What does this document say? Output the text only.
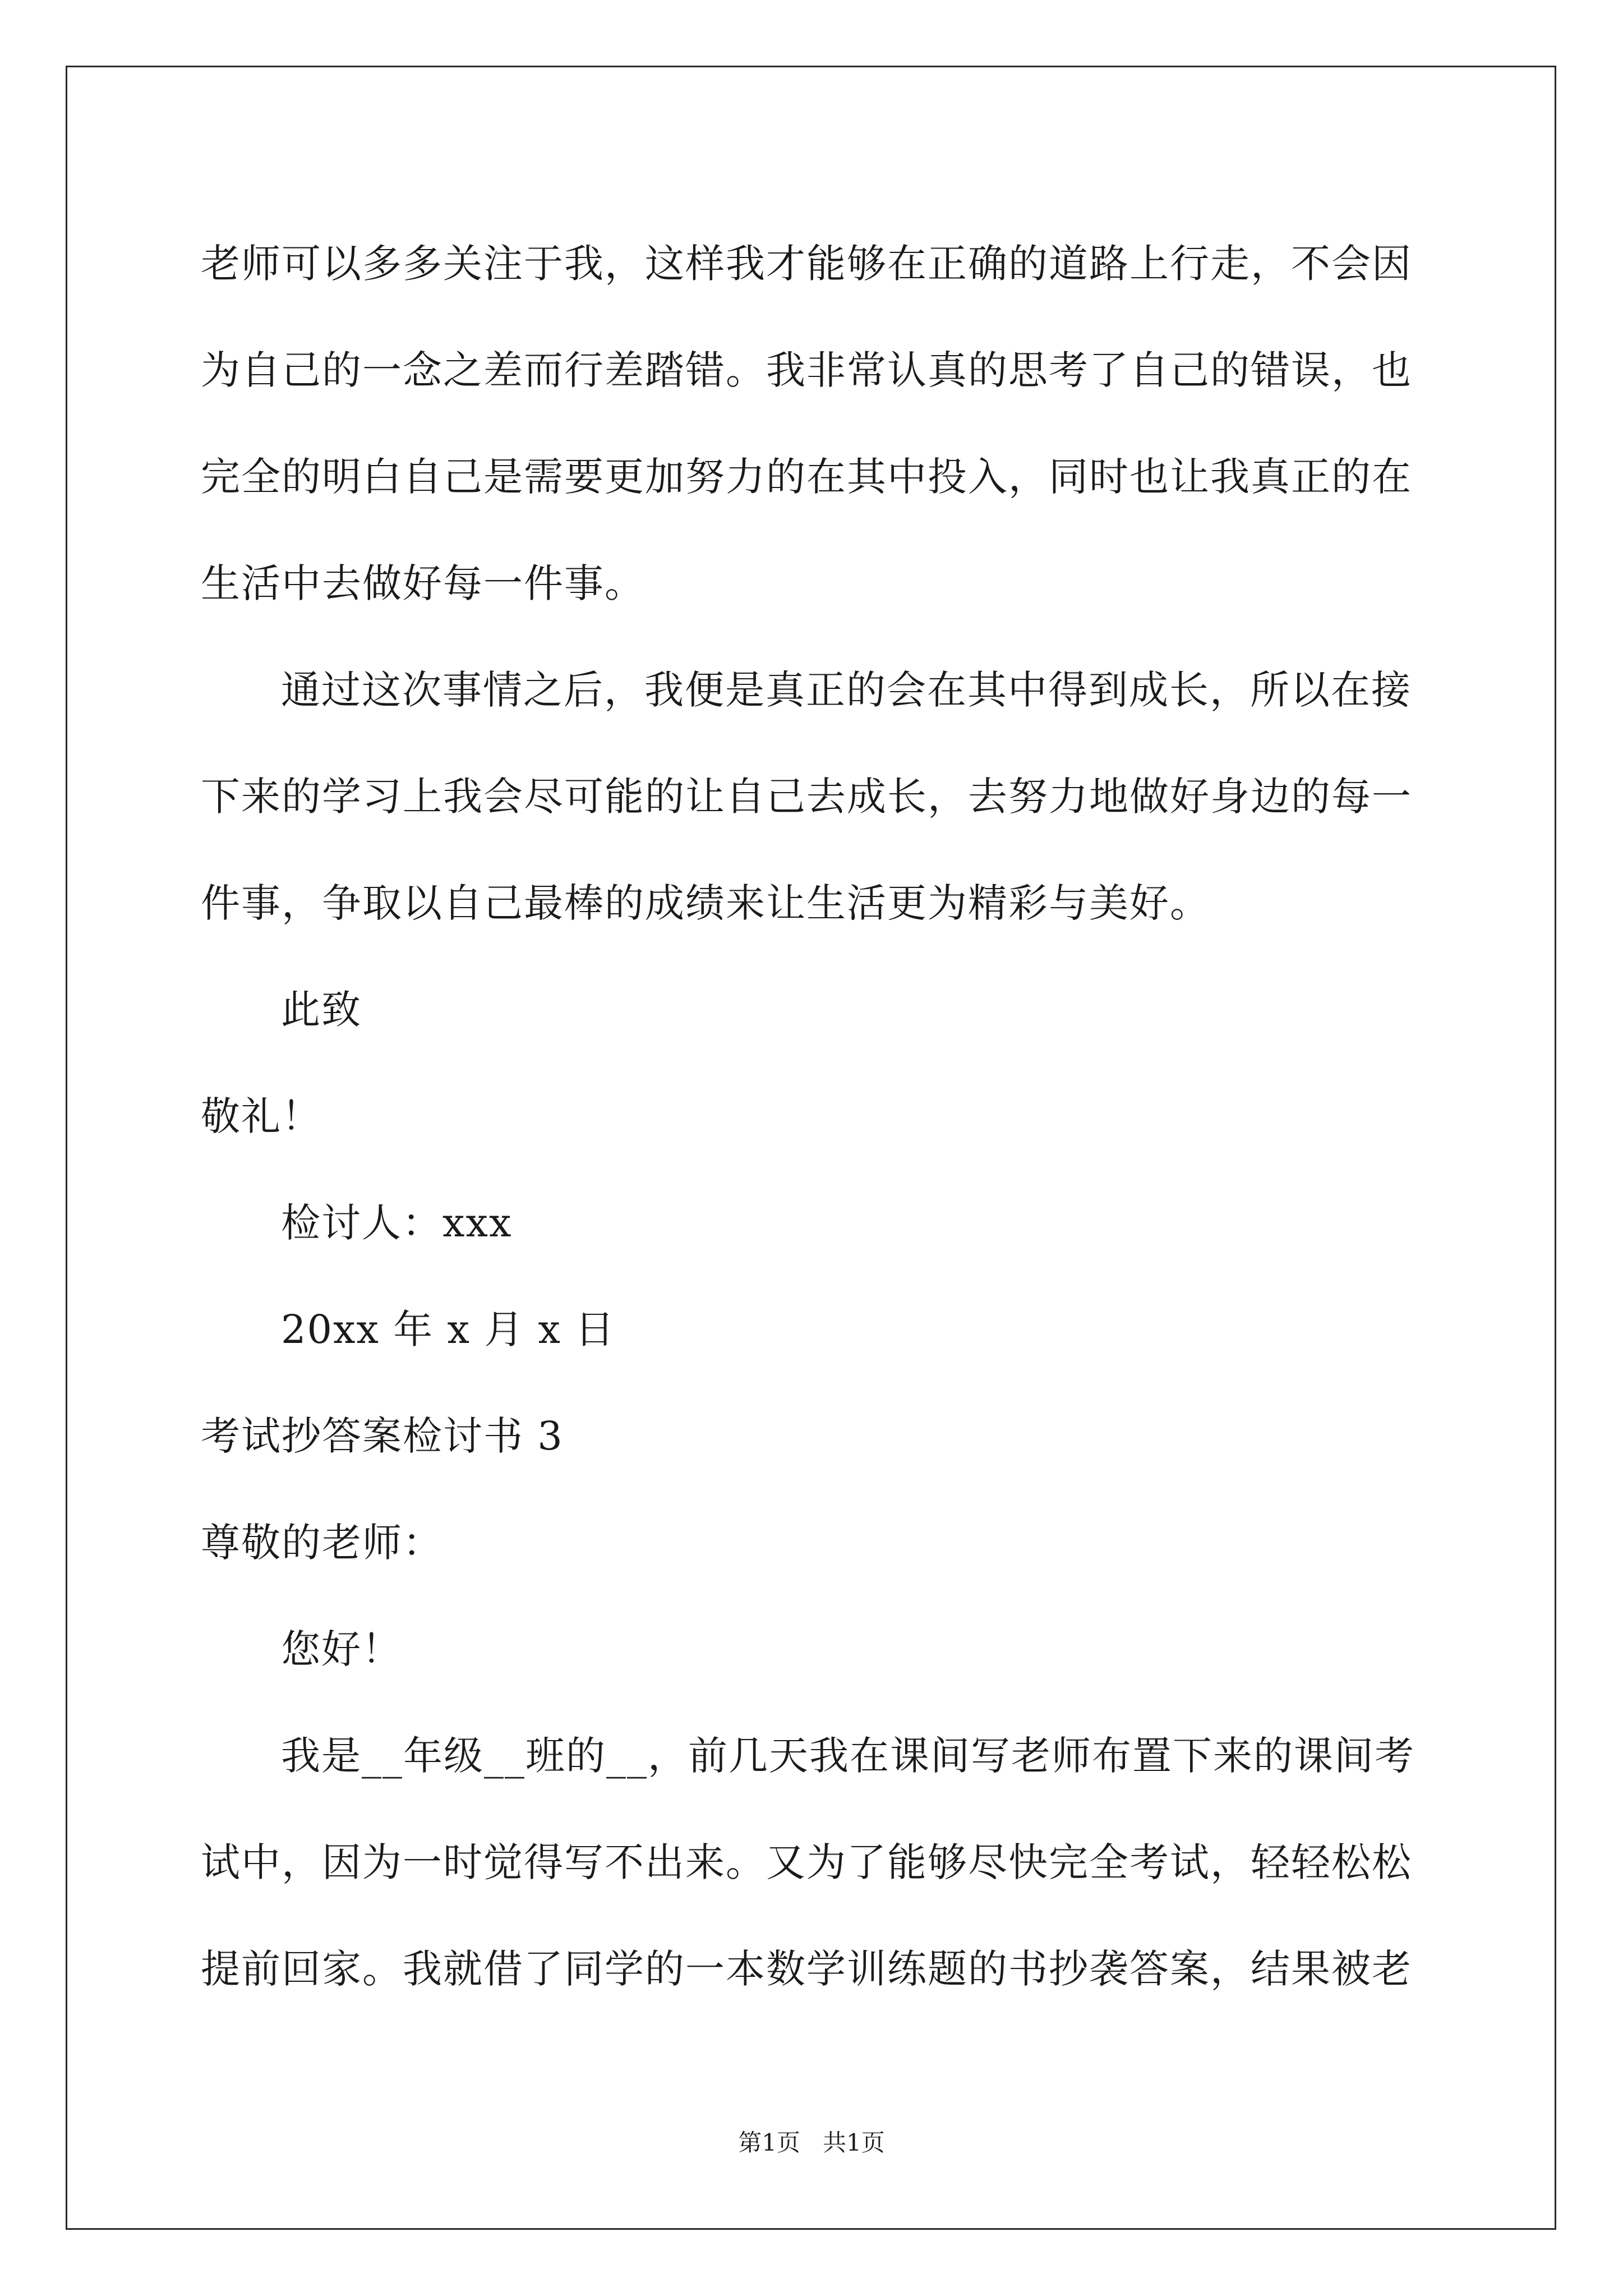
老师可以多多关注于我，这样我才能够在正确的道路上行走，不会因
为自己的一念之差而行差踏错。我非常认真的思考了自己的错误，也
完全的明白自己是需要更加努力的在其中投入，同时也让我真正的在
生活中去做好每一件事。
通过这次事情之后，我便是真正的会在其中得到成长，所以在接
下来的学习上我会尽可能的让自己去成长，去努力地做好身边的每一
件事，争取以自己最棒的成绩来让生活更为精彩与美好。
此致
敬礼！
检讨人：xxx
20xx 年 x 月 x 日
考试抄答案检讨书 3
尊敬的老师：
您好！
我是__年级__班的__，前几天我在课间写老师布置下来的课间考
试中，因为一时觉得写不出来。又为了能够尽快完全考试，轻轻松松
提前回家。我就借了同学的一本数学训练题的书抄袭答案，结果被老
第1页   共1页
